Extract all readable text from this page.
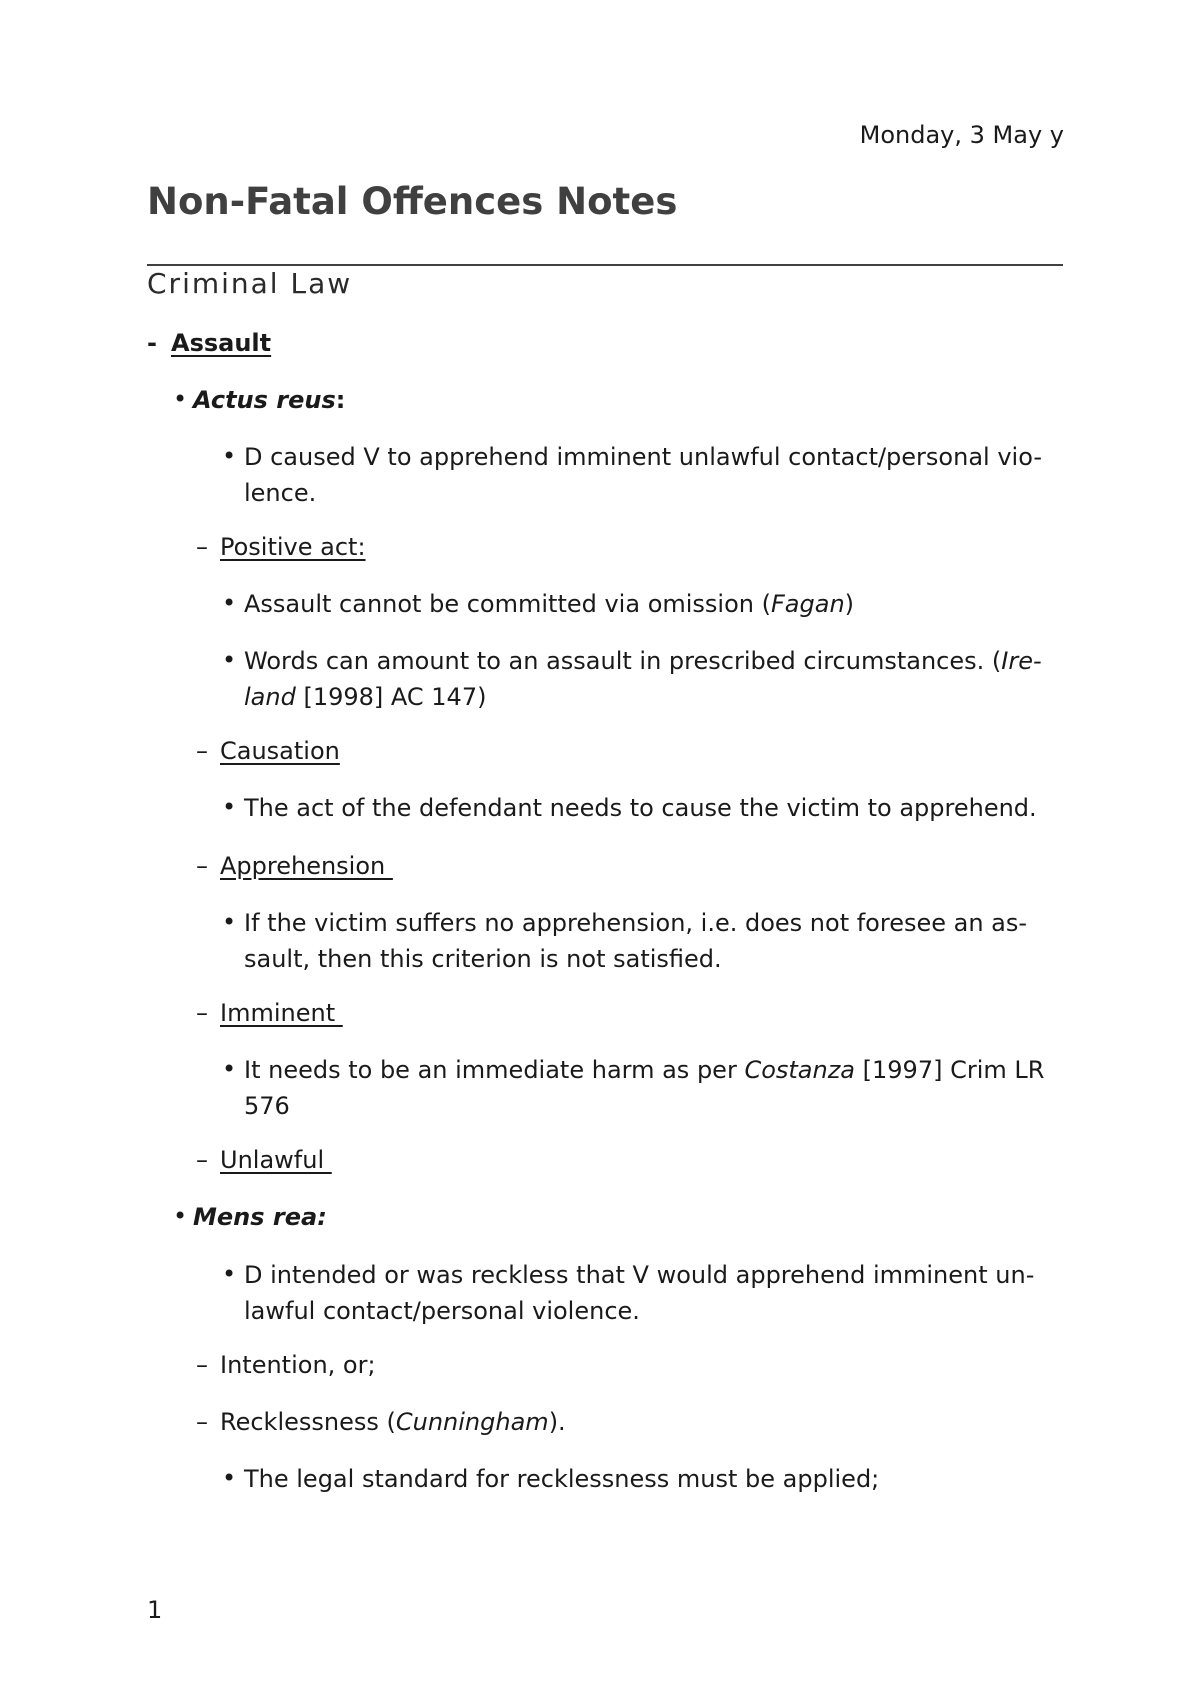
Monday, 3 May y
Non-Fatal Offences Notes
Criminal Law
- Assault
• Actus reus:
• D caused V to apprehend imminent unlawful contact/personal vio-
lence.
– Positive act:
• Assault cannot be committed via omission (Fagan)
• Words can amount to an assault in prescribed circumstances. (Ire-
land [1998] AC 147)
– Causation
• The act of the defendant needs to cause the victim to apprehend.
– Apprehension
• If the victim suffers no apprehension, i.e. does not foresee an as-
sault, then this criterion is not satisfied.
– Imminent
• It needs to be an immediate harm as per Costanza [1997] Crim LR
576
– Unlawful
• Mens rea:
• D intended or was reckless that V would apprehend imminent un-
lawful contact/personal violence.
– Intention, or;
– Recklessness (Cunningham).
• The legal standard for recklessness must be applied;
1
